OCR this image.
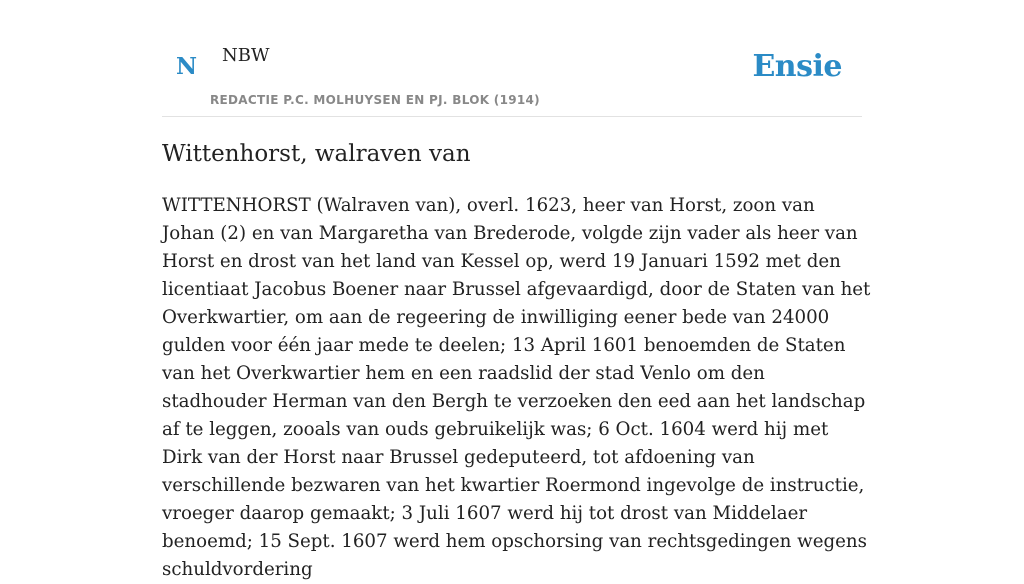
N NBW
REDACTIE P.C. MOLHUYSEN EN PJ. BLOK (1914)
Ensie
Wittenhorst, walraven van

WITTENHORST (Walraven van), overl. 1623, heer van Horst, zoon van Johan (2) en van Margaretha van Brederode, volgde zijn vader als heer van Horst en drost van het land van Kessel op, werd 19 Januari 1592 met den licentiaat Jacobus Boener naar Brussel afgevaardigd, door de Staten van het Overkwartier, om aan de regeering de inwilliging eener bede van 24000 gulden voor één jaar mede te deelen; 13 April 1601 benoemden de Staten van het Overkwartier hem en een raadslid der stad Venlo om den stadhouder Herman van den Bergh te verzoeken den eed aan het landschap af te leggen, zooals van ouds gebruikelijk was; 6 Oct. 1604 werd hij met Dirk van der Horst naar Brussel gedeputeerd, tot afdoening van verschillende bezwaren van het kwartier Roermond ingevolge de instructie, vroeger daarop gemaakt; 3 Juli 1607 werd hij tot drost van Middelaer benoemd; 15 Sept. 1607 werd hem opschorsing van rechtsgedingen wegens schuldvordering
